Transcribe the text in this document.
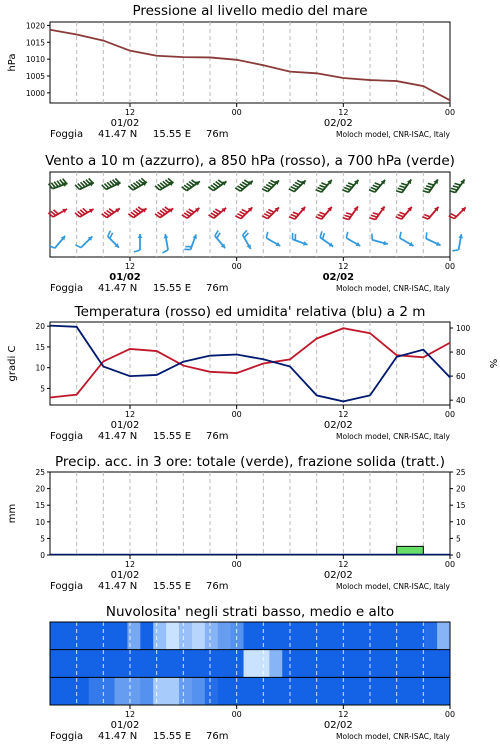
Pressione al livello medio del mare
1020
1015
1010
1005
1000
hPa
12	00	12	00
01/02	02/02
Foggia 41.47 N 15.55 E 76m	Moloch model, CNR-ISAC, Italy
Vento a 10 m (azzurro), a 850 hPa (rosso), a 700 hPa (verde)
12	00	12	00
01/02	02/02
Foggia 41.47 N 15.55 E 76m	Moloch model, CNR-ISAC, Italy
Temperatura (rosso) ed umidita' relativa (blu) a 2 m
20
15
10
5
100
80
60
40
gradi C	%
12	00	12	00
01/02	02/02
Foggia 41.47 N 15.55 E 76m	Moloch model, CNR-ISAC, Italy
Precip. acc. in 3 ore: totale (verde), frazione solida (tratt.)
25	25
20	20
15	15
10	10
5	5
0	0
mm
12	00	12	00
01/02	02/02
Foggia 41.47 N 15.55 E 76m	Moloch model, CNR-ISAC, Italy
Nuvolosita' negli strati basso, medio e alto
12	00	12	00
01/02	02/02
Foggia 41.47 N 15.55 E 76m	Moloch model, CNR-ISAC, Italy
